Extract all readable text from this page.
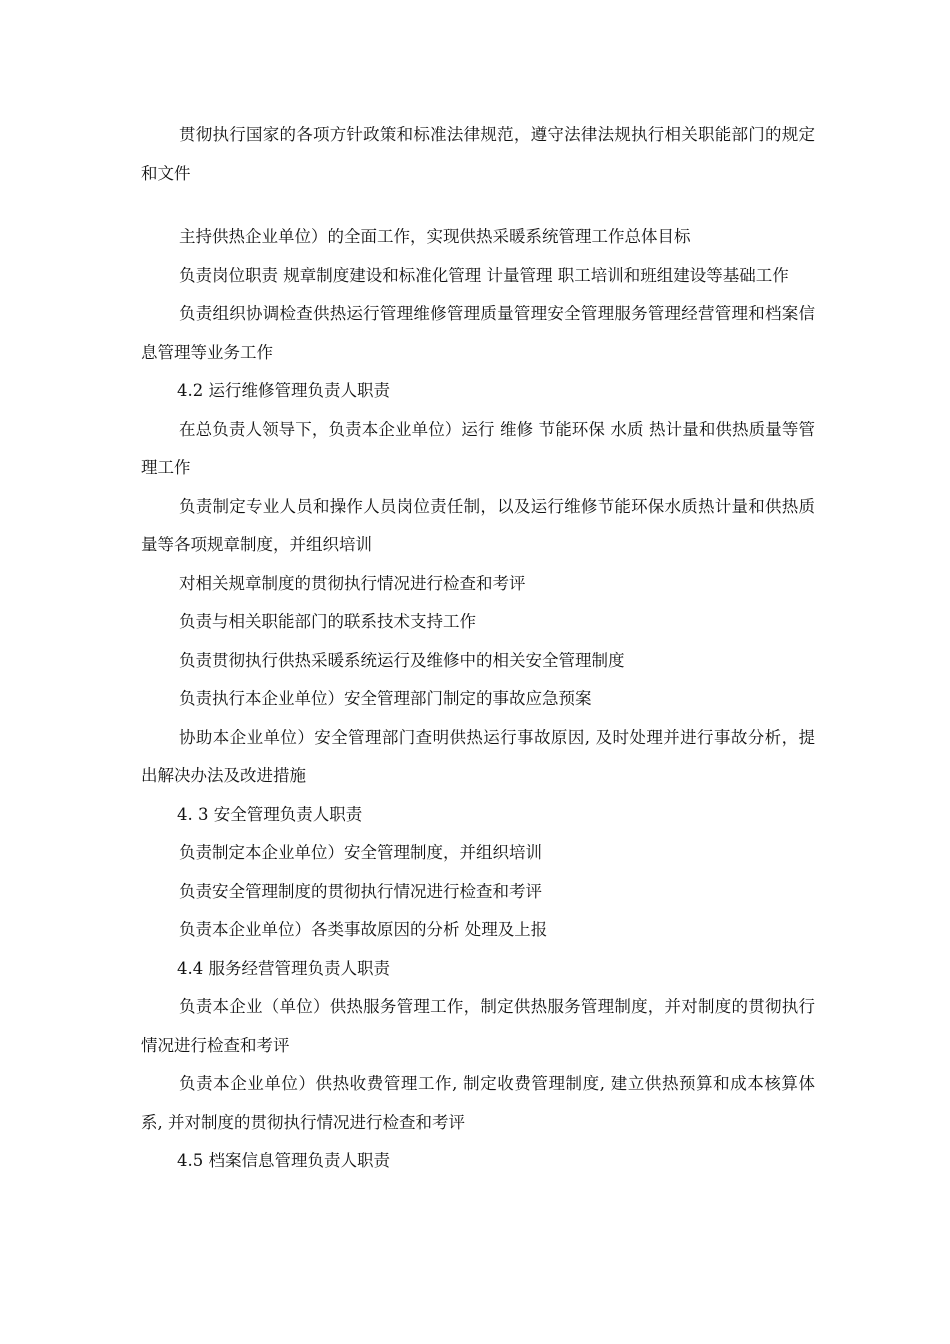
贯彻执行国家的各项方针政策和标准法律规范，遵守法律法规执行相关职能部门的规定和文件

主持供热企业单位）的全面工作，实现供热采暖系统管理工作总体目标

负责岗位职责 规章制度建设和标准化管理 计量管理 职工培训和班组建设等基础工作

负责组织协调检查供热运行管理维修管理质量管理安全管理服务管理经营管理和档案信息管理等业务工作

4.2 运行维修管理负责人职责

在总负责人领导下，负责本企业单位）运行 维修 节能环保 水质 热计量和供热质量等管理工作

负责制定专业人员和操作人员岗位责任制，以及运行维修节能环保水质热计量和供热质量等各项规章制度，并组织培训

对相关规章制度的贯彻执行情况进行检查和考评

负责与相关职能部门的联系技术支持工作

负责贯彻执行供热采暖系统运行及维修中的相关安全管理制度

负责执行本企业单位）安全管理部门制定的事故应急预案

协助本企业单位）安全管理部门查明供热运行事故原因, 及时处理并进行事故分析，提出解决办法及改进措施

4. 3 安全管理负责人职责

负责制定本企业单位）安全管理制度，并组织培训

负责安全管理制度的贯彻执行情况进行检查和考评

负责本企业单位）各类事故原因的分析 处理及上报

4.4 服务经营管理负责人职责

负责本企业（单位）供热服务管理工作，制定供热服务管理制度，并对制度的贯彻执行情况进行检查和考评

负责本企业单位）供热收费管理工作, 制定收费管理制度, 建立供热预算和成本核算体系, 并对制度的贯彻执行情况进行检查和考评

4.5 档案信息管理负责人职责
